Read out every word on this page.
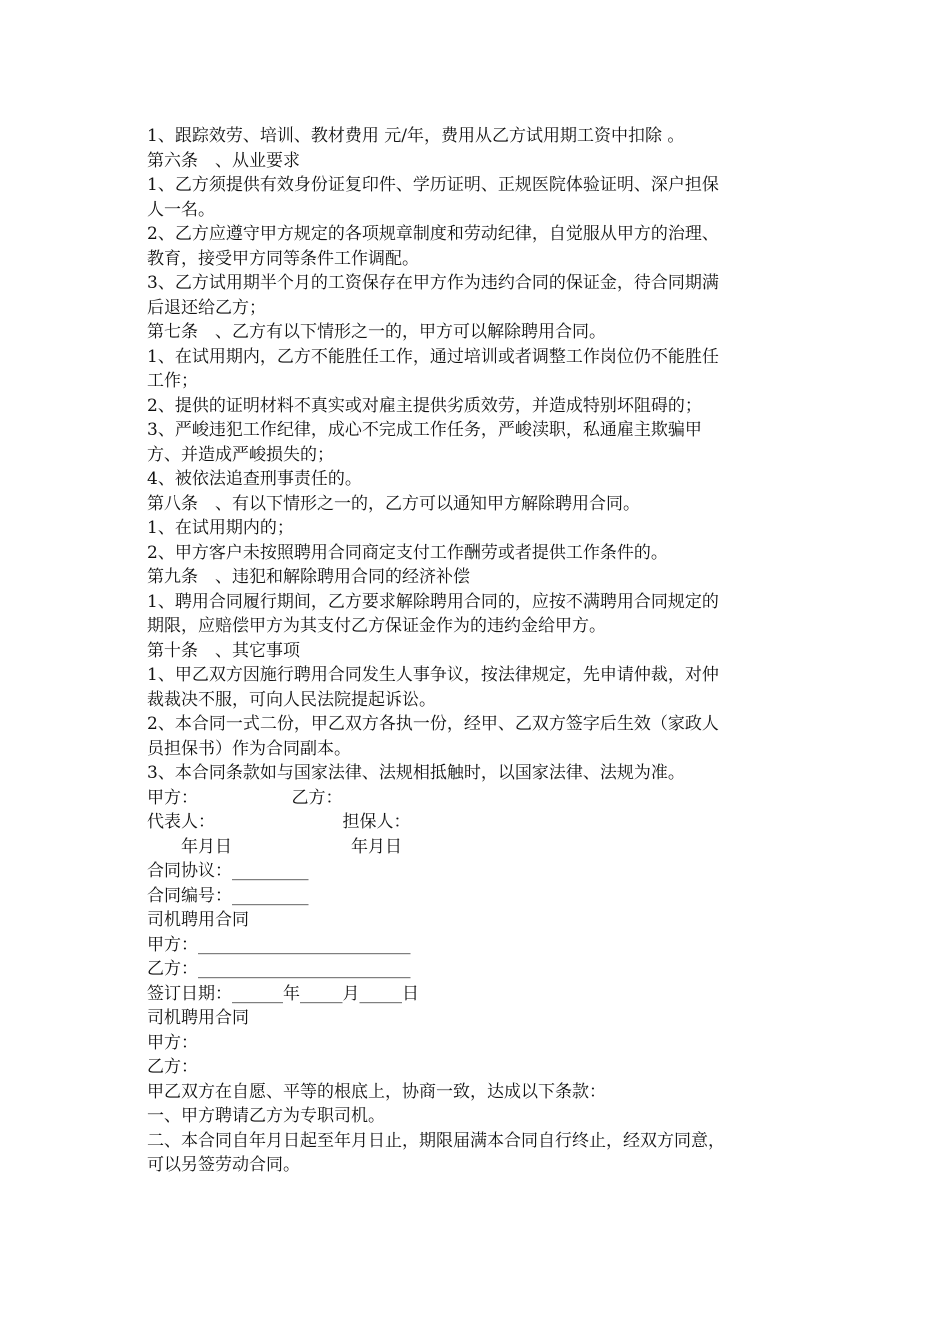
1、跟踪效劳、培训、教材费用 元/年，费用从乙方试用期工资中扣除 。
第六条　、从业要求
1、乙方须提供有效身份证复印件、学历证明、正规医院体验证明、深户担保
人一名。
2、乙方应遵守甲方规定的各项规章制度和劳动纪律，自觉服从甲方的治理、
教育，接受甲方同等条件工作调配。
3、乙方试用期半个月的工资保存在甲方作为违约合同的保证金，待合同期满
后退还给乙方；
第七条　、乙方有以下情形之一的，甲方可以解除聘用合同。
1、在试用期内，乙方不能胜任工作，通过培训或者调整工作岗位仍不能胜任
工作；
2、提供的证明材料不真实或对雇主提供劣质效劳，并造成特别坏阻碍的；
3、严峻违犯工作纪律，成心不完成工作任务，严峻渎职，私通雇主欺骗甲
方、并造成严峻损失的；
4、被依法追查刑事责任的。
第八条　、有以下情形之一的，乙方可以通知甲方解除聘用合同。
1、在试用期内的；
2、甲方客户未按照聘用合同商定支付工作酬劳或者提供工作条件的。
第九条　、违犯和解除聘用合同的经济补偿
1、聘用合同履行期间，乙方要求解除聘用合同的，应按不满聘用合同规定的
期限，应赔偿甲方为其支付乙方保证金作为的违约金给甲方。
第十条　、其它事项
1、甲乙双方因施行聘用合同发生人事争议，按法律规定，先申请仲裁，对仲
裁裁决不服，可向人民法院提起诉讼。
2、本合同一式二份，甲乙双方各执一份，经甲、乙双方签字后生效（家政人
员担保书）作为合同副本。
3、本合同条款如与国家法律、法规相抵触时，以国家法律、法规为准。
甲方：　　　　　　乙方：
代表人：　　　　　　　　担保人：
　　年月日　　　　　　　年月日
合同协议：_________
合同编号：_________
司机聘用合同
甲方：_________________________
乙方：_________________________
签订日期：______年_____月_____日
司机聘用合同
甲方：
乙方：
甲乙双方在自愿、平等的根底上，协商一致，达成以下条款：
一、甲方聘请乙方为专职司机。
二、本合同自年月日起至年月日止，期限届满本合同自行终止，经双方同意，
可以另签劳动合同。
